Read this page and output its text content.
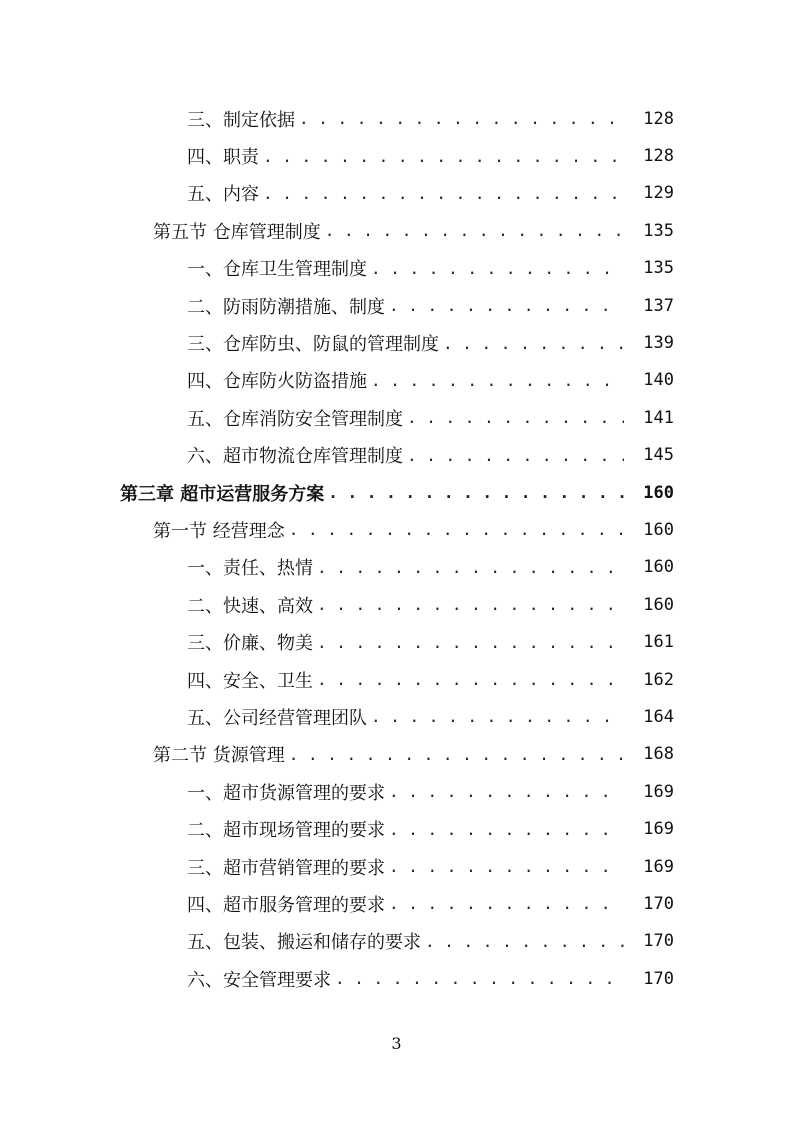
三、制定依据 . . .	128
四、职责 . . .	128
五、内容 . . .	129
第五节 仓库管理制度 . . .	135
一、仓库卫生管理制度 . . .	135
二、防雨防潮措施、制度 . . .	137
三、仓库防虫、防鼠的管理制度 . . .	139
四、仓库防火防盗措施 . . .	140
五、仓库消防安全管理制度 . . .	141
六、超市物流仓库管理制度 . . .	145
第三章 超市运营服务方案 . . .	160
第一节 经营理念 . . .	160
一、责任、热情 . . .	160
二、快速、高效 . . .	160
三、价廉、物美 . . .	161
四、安全、卫生 . . .	162
五、公司经营管理团队 . . .	164
第二节 货源管理 . . .	168
一、超市货源管理的要求 . . .	169
二、超市现场管理的要求 . . .	169
三、超市营销管理的要求 . . .	169
四、超市服务管理的要求 . . .	170
五、包装、搬运和储存的要求 . . .	170
六、安全管理要求 . . .	170
3
